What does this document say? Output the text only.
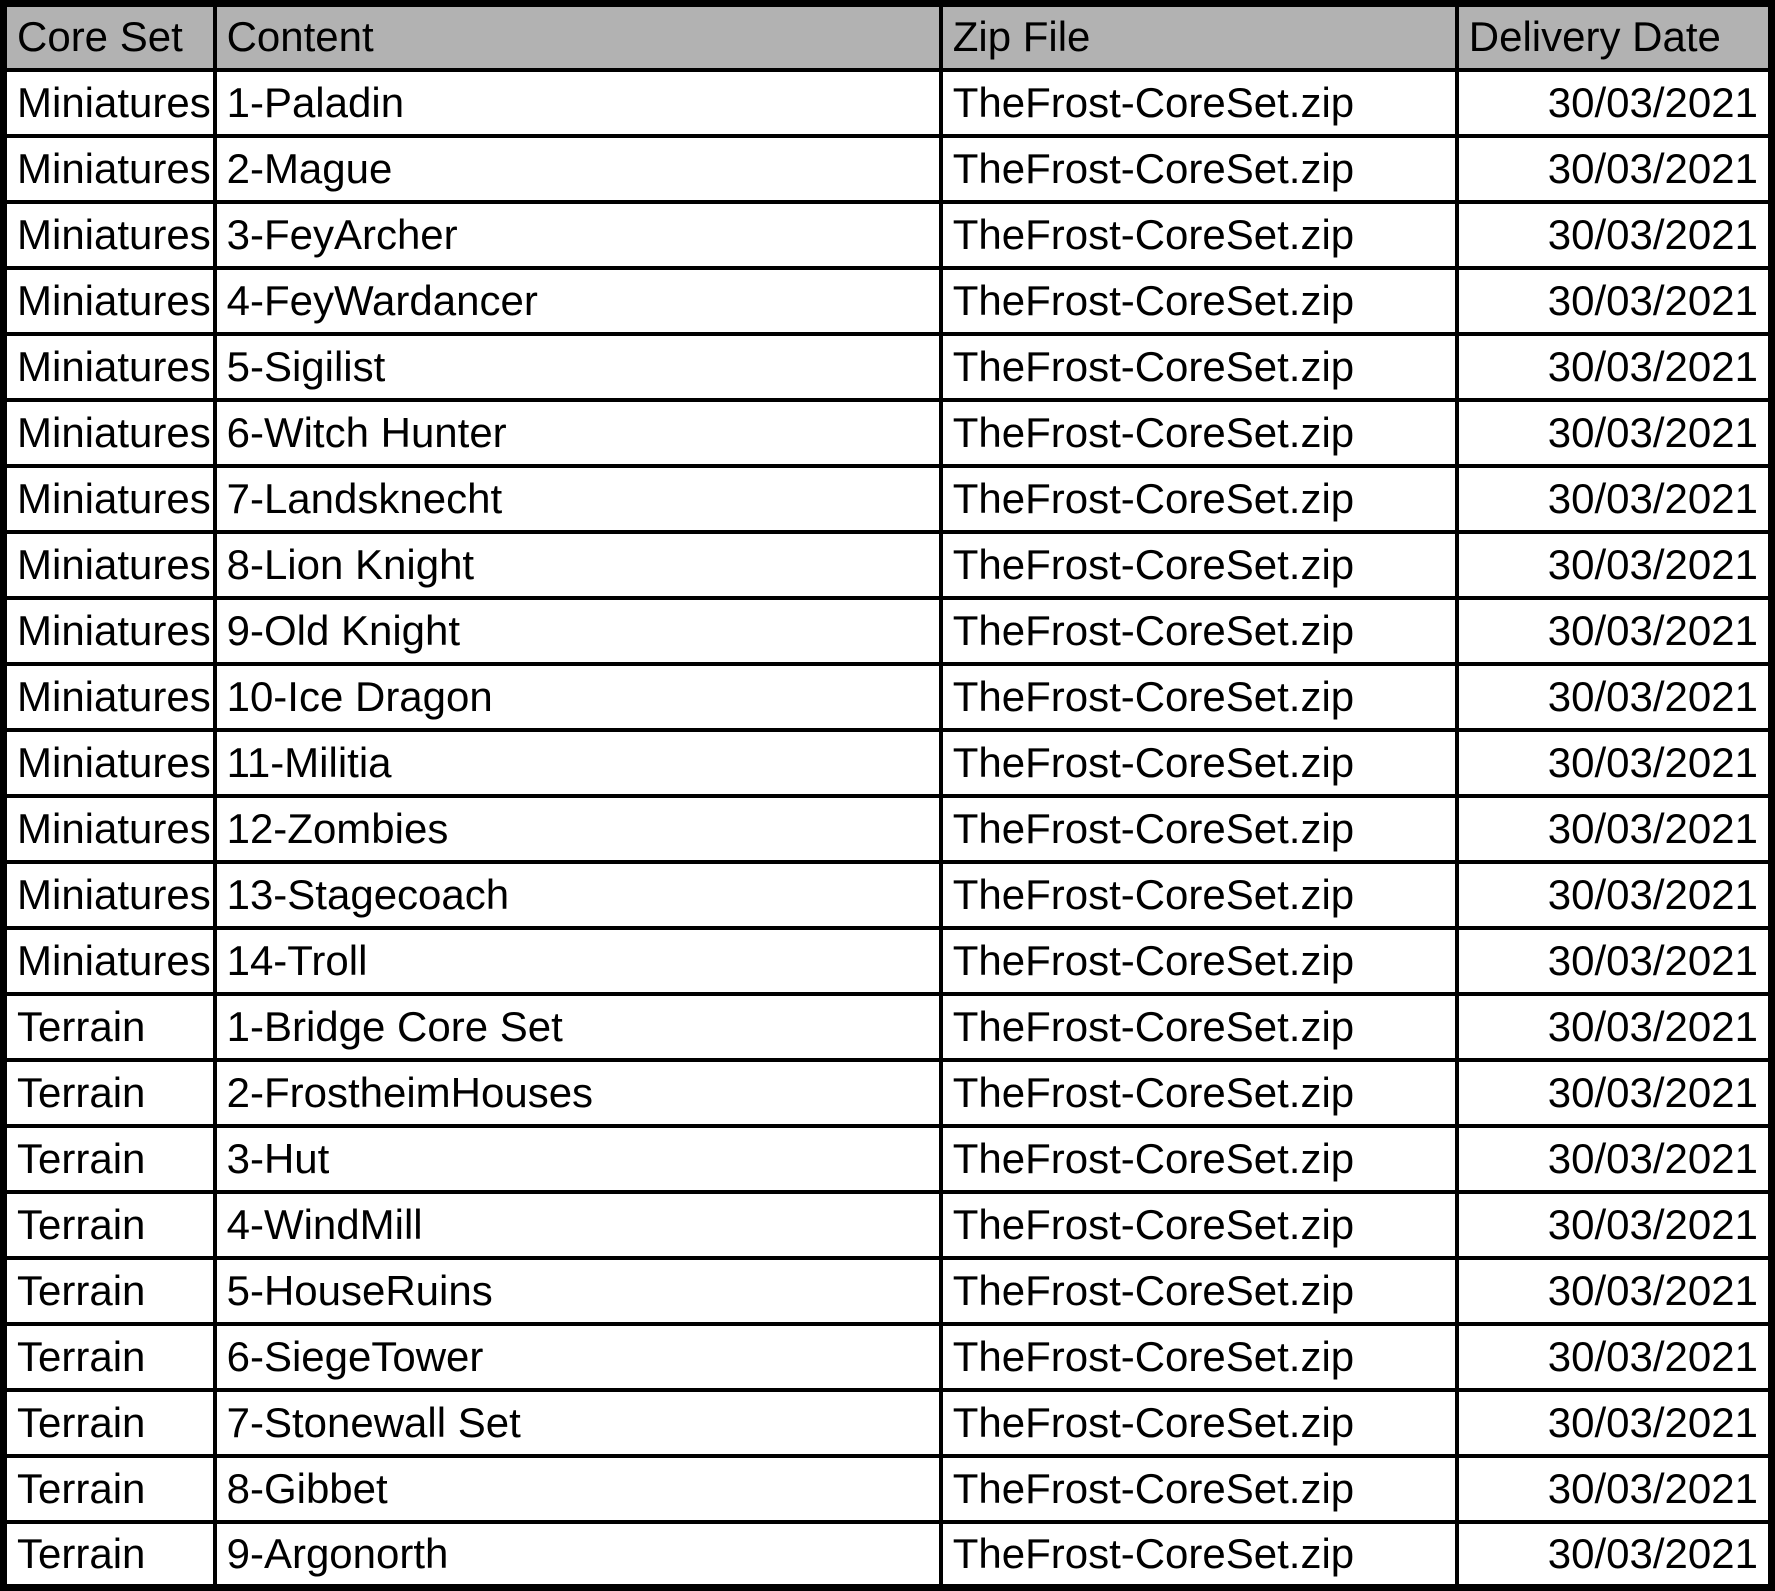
Core Set	Content	Zip File	Delivery Date
Miniatures	1-Paladin	TheFrost-CoreSet.zip	30/03/2021
Miniatures	2-Mague	TheFrost-CoreSet.zip	30/03/2021
Miniatures	3-FeyArcher	TheFrost-CoreSet.zip	30/03/2021
Miniatures	4-FeyWardancer	TheFrost-CoreSet.zip	30/03/2021
Miniatures	5-Sigilist	TheFrost-CoreSet.zip	30/03/2021
Miniatures	6-Witch Hunter	TheFrost-CoreSet.zip	30/03/2021
Miniatures	7-Landsknecht	TheFrost-CoreSet.zip	30/03/2021
Miniatures	8-Lion Knight	TheFrost-CoreSet.zip	30/03/2021
Miniatures	9-Old Knight	TheFrost-CoreSet.zip	30/03/2021
Miniatures	10-Ice Dragon	TheFrost-CoreSet.zip	30/03/2021
Miniatures	11-Militia	TheFrost-CoreSet.zip	30/03/2021
Miniatures	12-Zombies	TheFrost-CoreSet.zip	30/03/2021
Miniatures	13-Stagecoach	TheFrost-CoreSet.zip	30/03/2021
Miniatures	14-Troll	TheFrost-CoreSet.zip	30/03/2021
Terrain	1-Bridge Core Set	TheFrost-CoreSet.zip	30/03/2021
Terrain	2-FrostheimHouses	TheFrost-CoreSet.zip	30/03/2021
Terrain	3-Hut	TheFrost-CoreSet.zip	30/03/2021
Terrain	4-WindMill	TheFrost-CoreSet.zip	30/03/2021
Terrain	5-HouseRuins	TheFrost-CoreSet.zip	30/03/2021
Terrain	6-SiegeTower	TheFrost-CoreSet.zip	30/03/2021
Terrain	7-Stonewall Set	TheFrost-CoreSet.zip	30/03/2021
Terrain	8-Gibbet	TheFrost-CoreSet.zip	30/03/2021
Terrain	9-Argonorth	TheFrost-CoreSet.zip	30/03/2021
